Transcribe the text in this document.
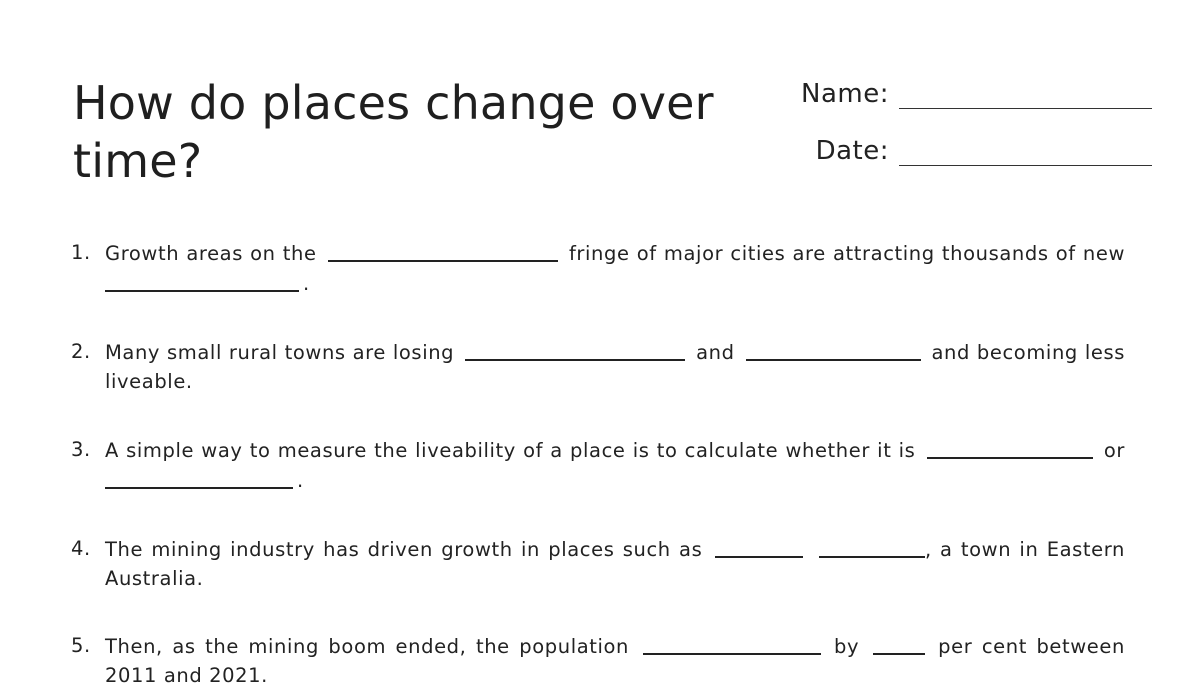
How do places change over time?
Name:
Date:
1. Growth areas on the	fringe of major cities are attracting thousands of new .
2. Many small rural towns are losing	and	and becoming less liveable.
3. A simple way to measure the liveability of a place is to calculate whether it is	or .
4. The mining industry has driven growth in places such as	, a town in Eastern Australia.
5. Then, as the mining boom ended, the population	by	per cent between 2011 and 2021.
